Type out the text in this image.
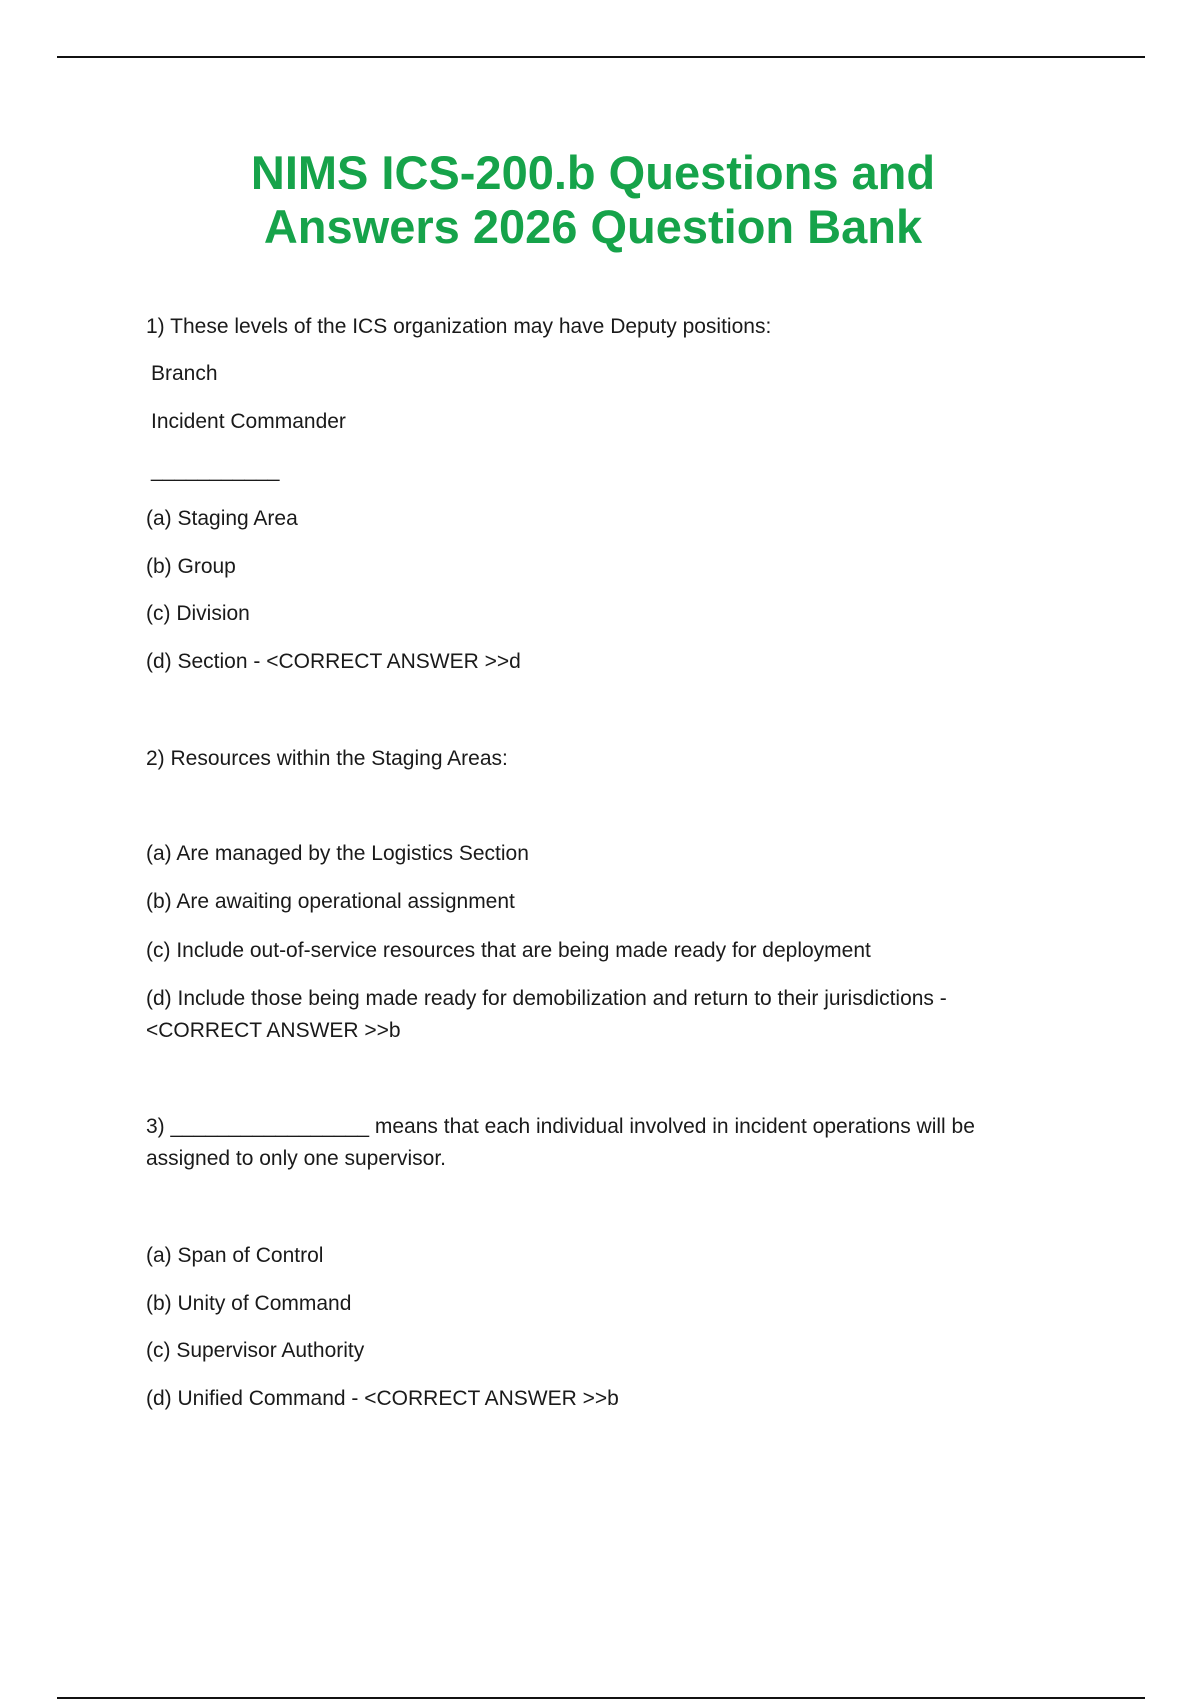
NIMS ICS-200.b Questions and
Answers 2026 Question Bank
1) These levels of the ICS organization may have Deputy positions:
Branch
Incident Commander
___________
(a) Staging Area
(b) Group
(c) Division
(d) Section - <CORRECT ANSWER >>d
2) Resources within the Staging Areas:
(a) Are managed by the Logistics Section
(b) Are awaiting operational assignment
(c) Include out-of-service resources that are being made ready for deployment
(d) Include those being made ready for demobilization and return to their jurisdictions - <CORRECT ANSWER >>b
3) _________________ means that each individual involved in incident operations will be assigned to only one supervisor.
(a) Span of Control
(b) Unity of Command
(c) Supervisor Authority
(d) Unified Command - <CORRECT ANSWER >>b
